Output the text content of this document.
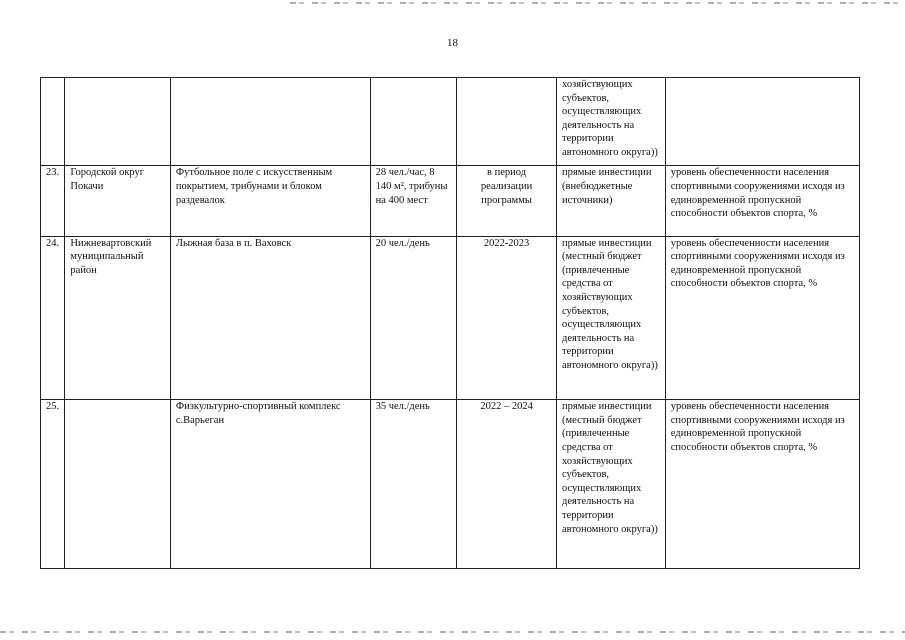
18
					хозяйствующих субъектов, осуществляющих деятельность на территории автономного округа))	
23.	Городской округ Покачи	Футбольное поле с искусственным покрытием, трибунами и блоком раздевалок	28 чел./час, 8 140 м², трибуны на 400 мест	в период реализации программы	прямые инвестиции (внебюджетные источники)	уровень обеспеченности населения спортивными сооружениями исходя из единовременной пропускной способности объектов спорта, %
24.	Нижневартовский муниципальный район	Лыжная база в п. Ваховск	20 чел./день	2022-2023	прямые инвестиции (местный бюджет (привлеченные средства от хозяйствующих субъектов, осуществляющих деятельность на территории автономного округа))	уровень обеспеченности населения спортивными сооружениями исходя из единовременной пропускной способности объектов спорта, %
25.		Физкультурно-спортивный комплекс с.Варьеган	35 чел./день	2022 – 2024	прямые инвестиции (местный бюджет (привлеченные средства от хозяйствующих субъектов, осуществляющих деятельность на территории автономного округа))	уровень обеспеченности населения спортивными сооружениями исходя из единовременной пропускной способности объектов спорта, %
